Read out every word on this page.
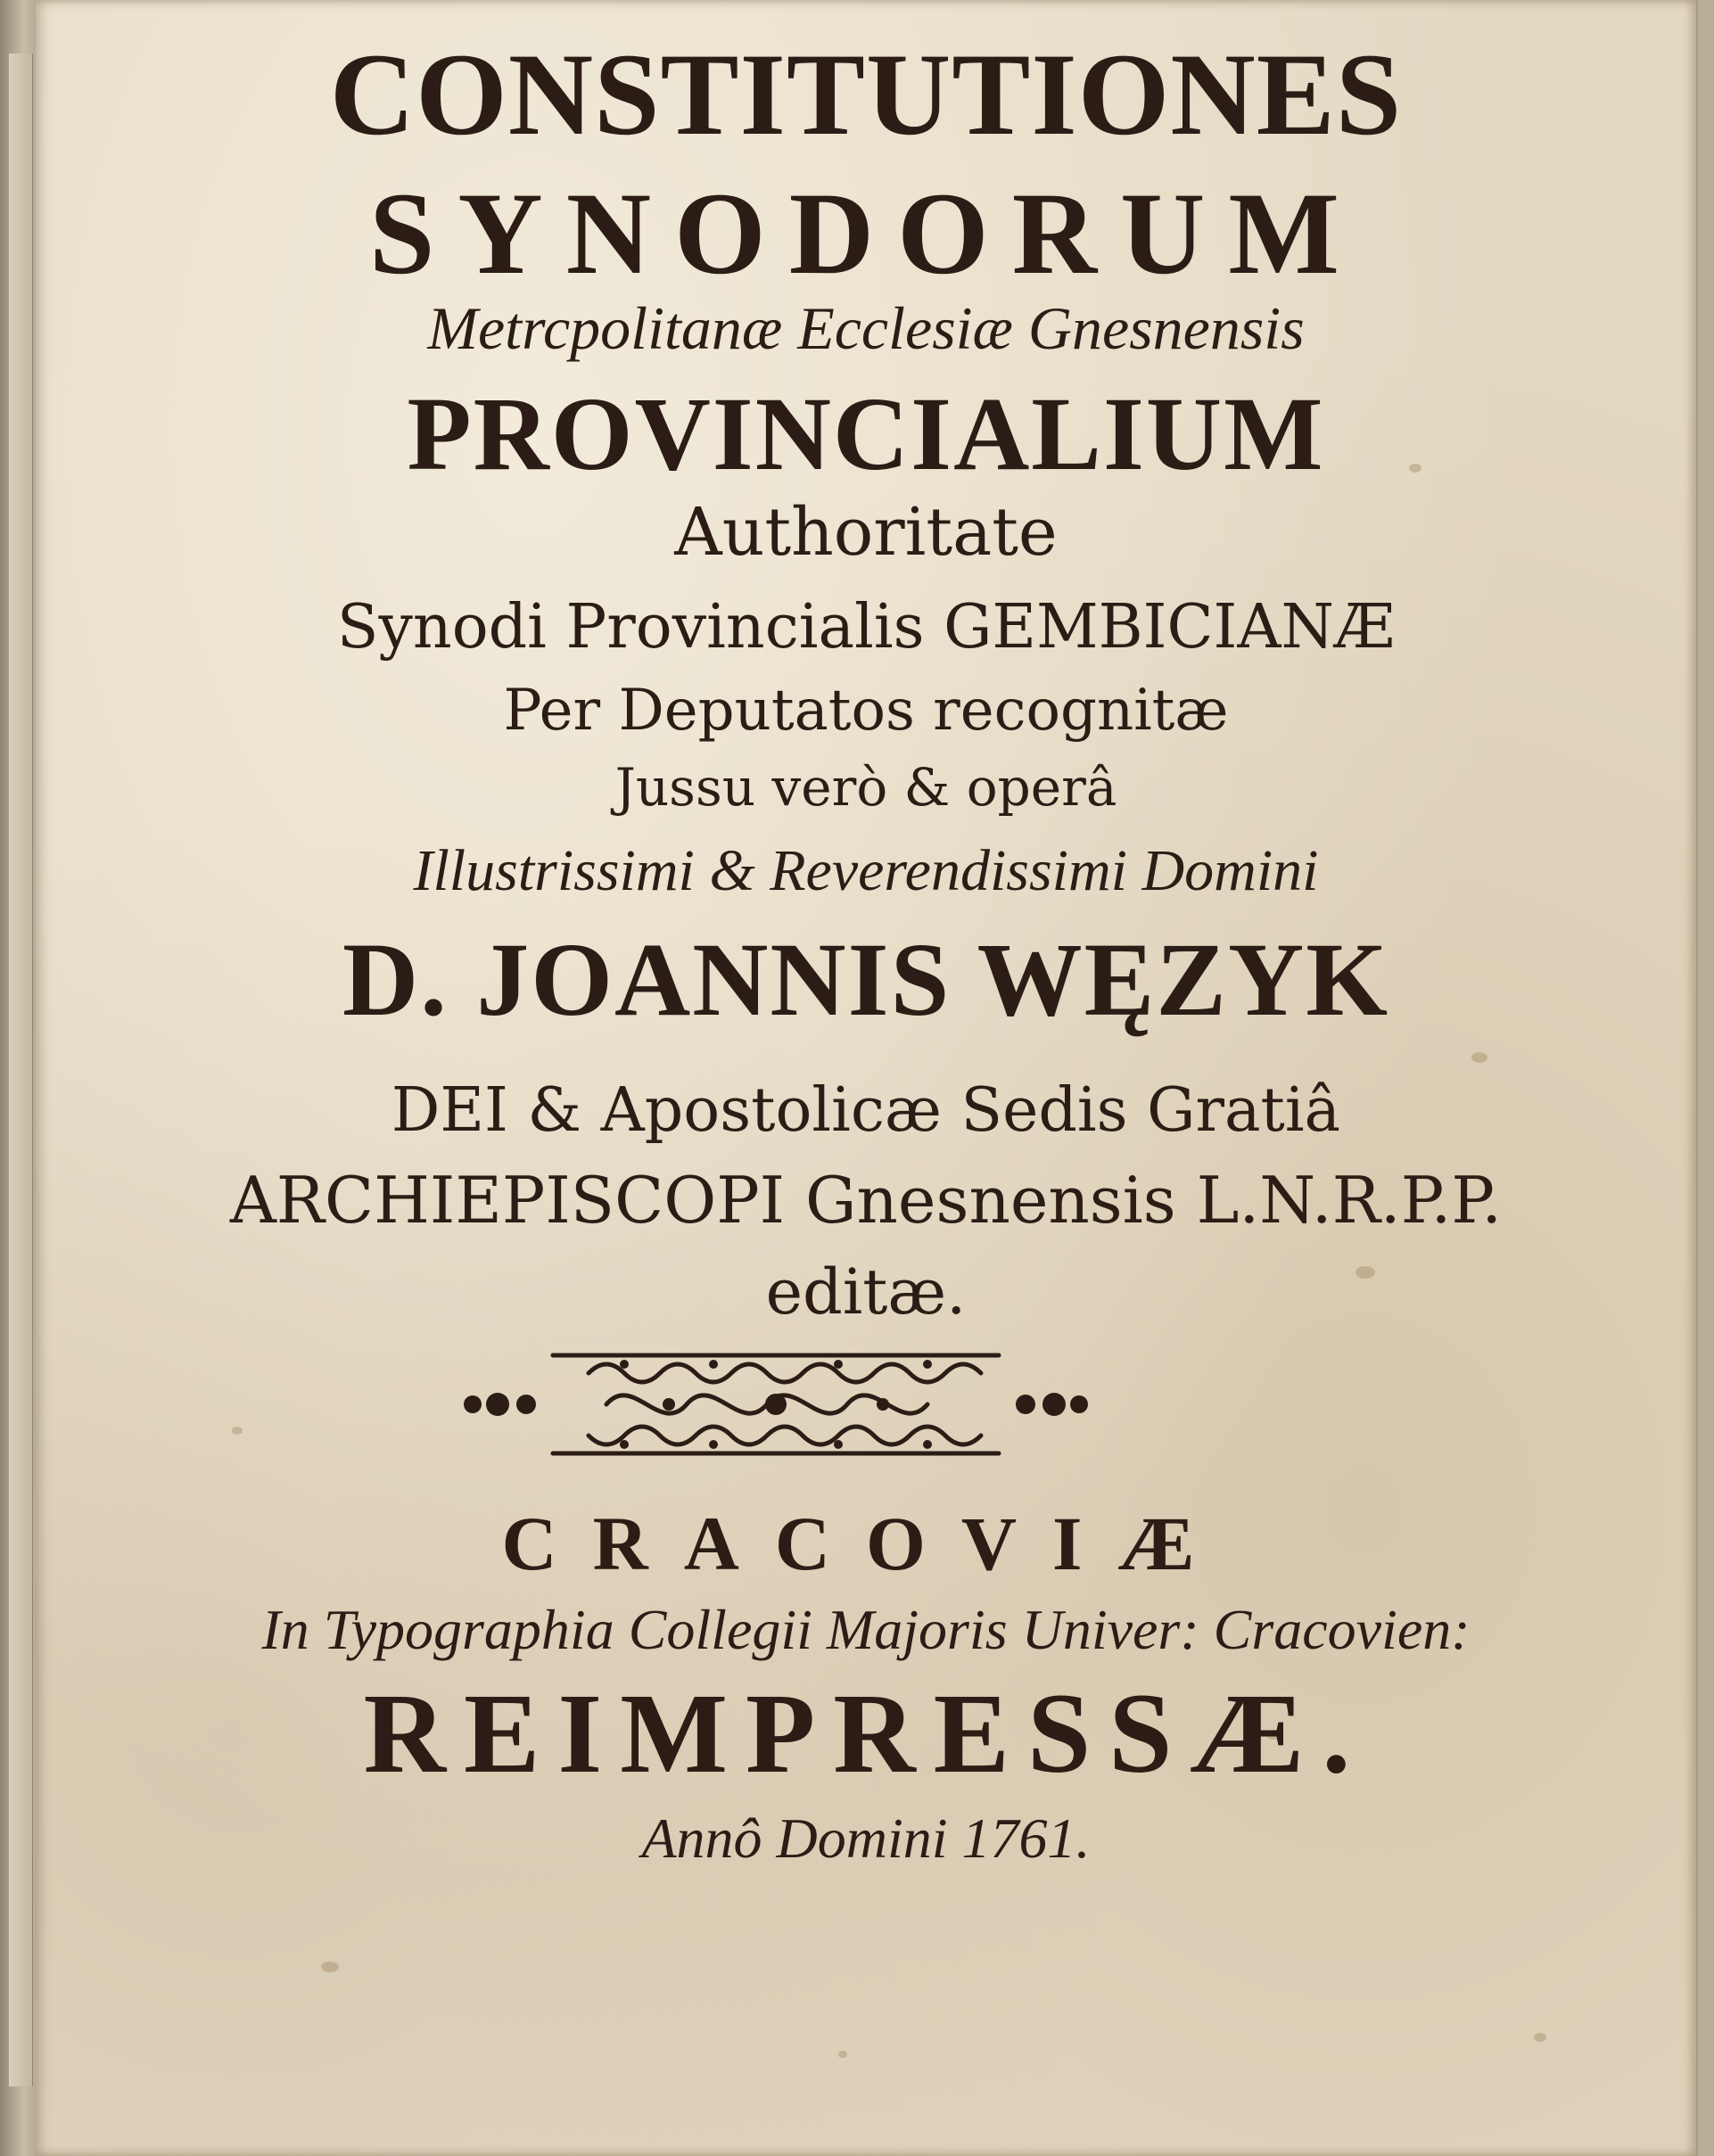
CONSTITUTIONES
SYNODORUM
Metrcpolitanæ Ecclesiæ Gnesnensis
PROVINCIALIUM
Authoritate
Synodi Provincialis GEMBICIANÆ
Per Deputatos recognitæ
Jussu verò & operâ
Illustrissimi & Reverendissimi Domini
D. JOANNIS WĘZYK
DEI & Apostolicæ Sedis Gratiâ
ARCHIEPISCOPI Gnesnensis L.N.R.P.P.
editæ.
CRACOVIÆ
In Typographia Collegii Majoris Univer: Cracovien:
REIMPRESSÆ.
Annô Domini 1761.
